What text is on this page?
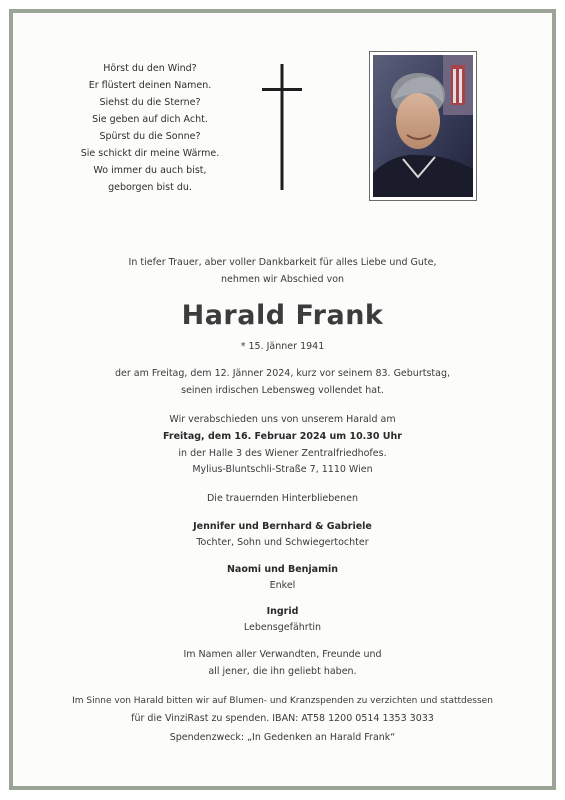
Hörst du den Wind?
Er flüstert deinen Namen.
Siehst du die Sterne?
Sie geben auf dich Acht.
Spürst du die Sonne?
Sie schickt dir meine Wärme.
Wo immer du auch bist,
geborgen bist du.
In tiefer Trauer, aber voller Dankbarkeit für alles Liebe und Gute,
nehmen wir Abschied von
Harald Frank
* 15. Jänner 1941
der am Freitag, dem 12. Jänner 2024, kurz vor seinem 83. Geburtstag,
seinen irdischen Lebensweg vollendet hat.
Wir verabschieden uns von unserem Harald am
Freitag, dem 16. Februar 2024 um 10.30 Uhr
in der Halle 3 des Wiener Zentralfriedhofes.
Mylius-Bluntschli-Straße 7, 1110 Wien
Die trauernden Hinterbliebenen
Jennifer und Bernhard & Gabriele
Tochter, Sohn und Schwiegertochter
Naomi und Benjamin
Enkel
Ingrid
Lebensgefährtin
Im Namen aller Verwandten, Freunde und
all jener, die ihn geliebt haben.
Im Sinne von Harald bitten wir auf Blumen- und Kranzspenden zu verzichten und stattdessen
für die VinziRast zu spenden. IBAN: AT58 1200 0514 1353 3033
Spendenzweck: „In Gedenken an Harald Frank“
